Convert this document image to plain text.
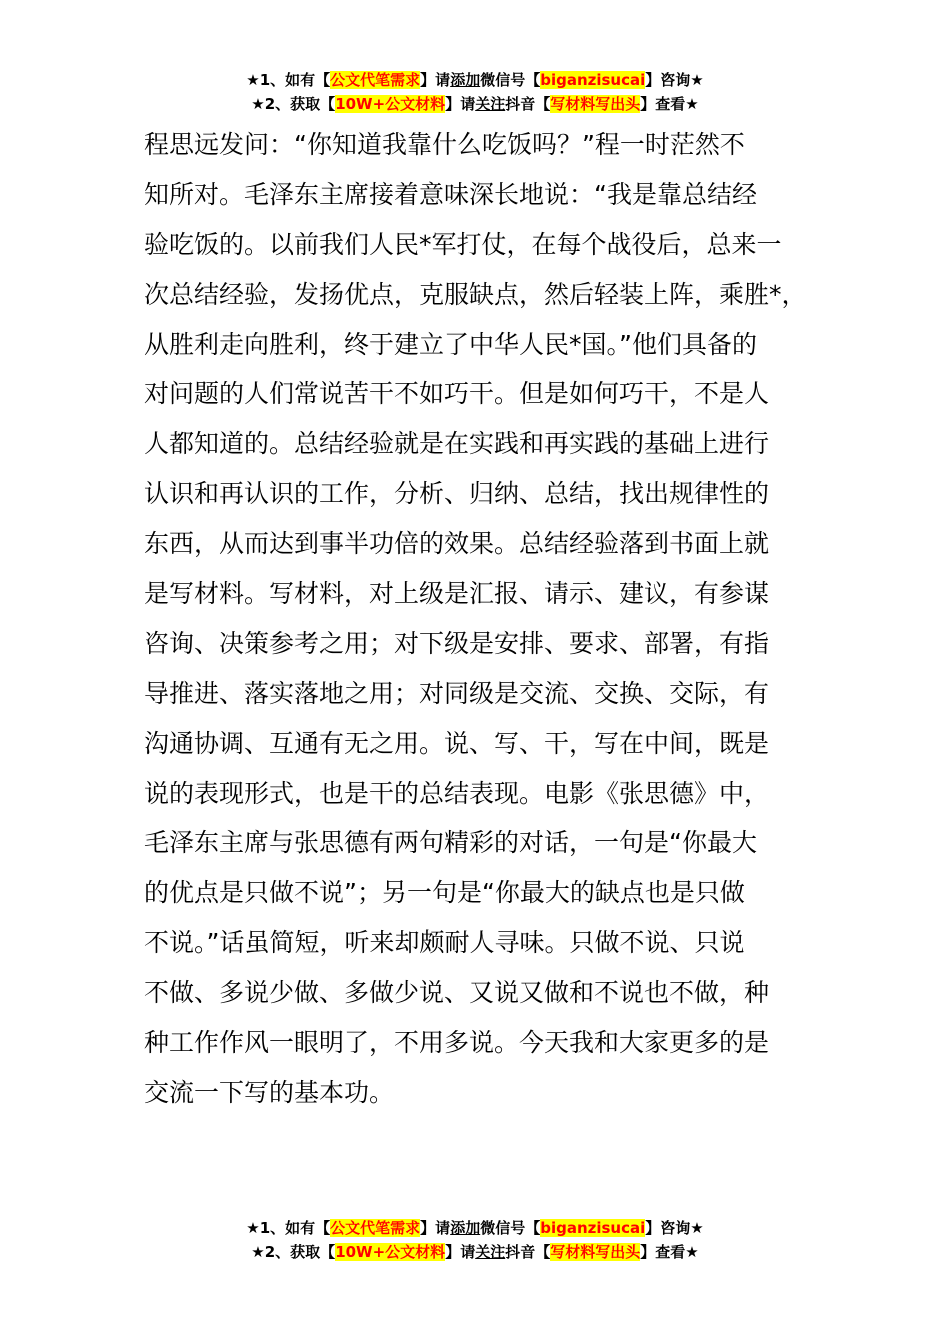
★1、如有【公文代笔需求】请添加微信号【biganzisucai】咨询★
★2、获取【10W+公文材料】请关注抖音【写材料写出头】查看★
程思远发问：“你知道我靠什么吃饭吗？”程一时茫然不
知所对。毛泽东主席接着意味深长地说：“我是靠总结经
验吃饭的。以前我们人民*军打仗，在每个战役后，总来一
次总结经验，发扬优点，克服缺点，然后轻装上阵，乘胜*，
从胜利走向胜利，终于建立了中华人民*国。”他们具备的
对问题的人们常说苦干不如巧干。但是如何巧干，不是人
人都知道的。总结经验就是在实践和再实践的基础上进行
认识和再认识的工作，分析、归纳、总结，找出规律性的
东西，从而达到事半功倍的效果。总结经验落到书面上就
是写材料。写材料，对上级是汇报、请示、建议，有参谋
咨询、决策参考之用；对下级是安排、要求、部署，有指
导推进、落实落地之用；对同级是交流、交换、交际，有
沟通协调、互通有无之用。说、写、干，写在中间，既是
说的表现形式，也是干的总结表现。电影《张思德》中，
毛泽东主席与张思德有两句精彩的对话，一句是“你最大
的优点是只做不说”；另一句是“你最大的缺点也是只做
不说。”话虽简短，听来却颇耐人寻味。只做不说、只说
不做、多说少做、多做少说、又说又做和不说也不做，种
种工作作风一眼明了，不用多说。今天我和大家更多的是
交流一下写的基本功。
★1、如有【公文代笔需求】请添加微信号【biganzisucai】咨询★
★2、获取【10W+公文材料】请关注抖音【写材料写出头】查看★
